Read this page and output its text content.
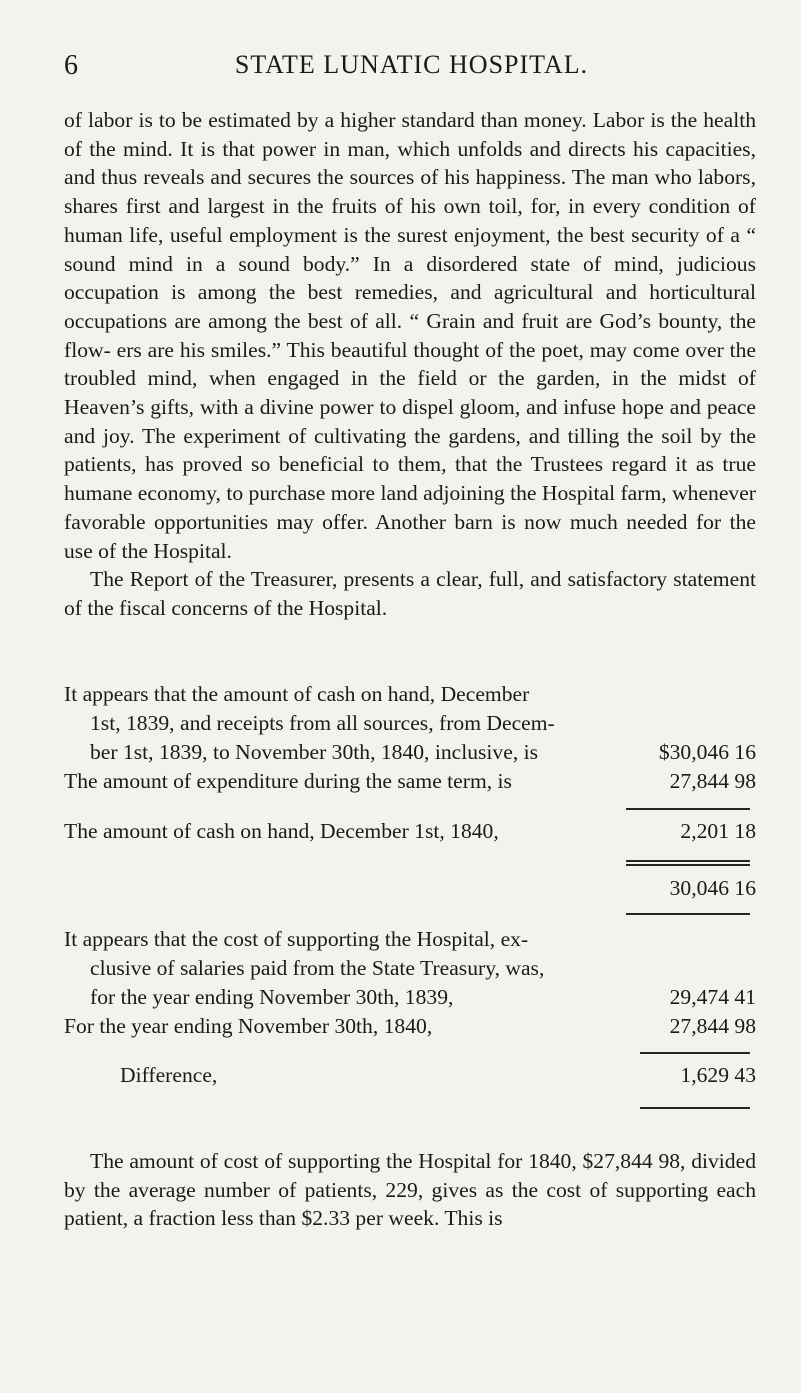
STATE LUNATIC HOSPITAL.
6

of labor is to be estimated by a higher standard than money. Labor is the health of the mind. It is that power in man, which unfolds and directs his capacities, and thus reveals and secures the sources of his happiness. The man who labors, shares first and largest in the fruits of his own toil, for, in every condition of human life, useful employment is the surest enjoyment, the best security of a “ sound mind in a sound body.” In a disordered state of mind, judicious occupation is among the best remedies, and agricultural and horticultural occupations are among the best of all. “ Grain and fruit are God’s bounty, the flow- ers are his smiles.” This beautiful thought of the poet, may come over the troubled mind, when engaged in the field or the garden, in the midst of Heaven’s gifts, with a divine power to dispel gloom, and infuse hope and peace and joy. The experiment of cultivating the gardens, and tilling the soil by the patients, has proved so beneficial to them, that the Trustees regard it as true humane economy, to purchase more land adjoining the Hospital farm, whenever favorable opportunities may offer. Another barn is now much needed for the use of the Hospital.

The Report of the Treasurer, presents a clear, full, and satisfactory statement of the fiscal concerns of the Hospital.

It appears that the amount of cash on hand, December
1st, 1839, and receipts from all sources, from Decem-
ber 1st, 1839, to November 30th, 1840, inclusive, is	$30,046 16
The amount of expenditure during the same term, is	27,844 98
The amount of cash on hand, December 1st, 1840,	2,201 18
30,046 16
It appears that the cost of supporting the Hospital, ex-
clusive of salaries paid from the State Treasury, was,
for the year ending November 30th, 1839,	29,474 41
For the year ending November 30th, 1840,	27,844 98
Difference,	1,629 43

The amount of cost of supporting the Hospital for 1840, $27,844 98, divided by the average number of patients, 229, gives as the cost of supporting each patient, a fraction less than $2.33 per week. This is
